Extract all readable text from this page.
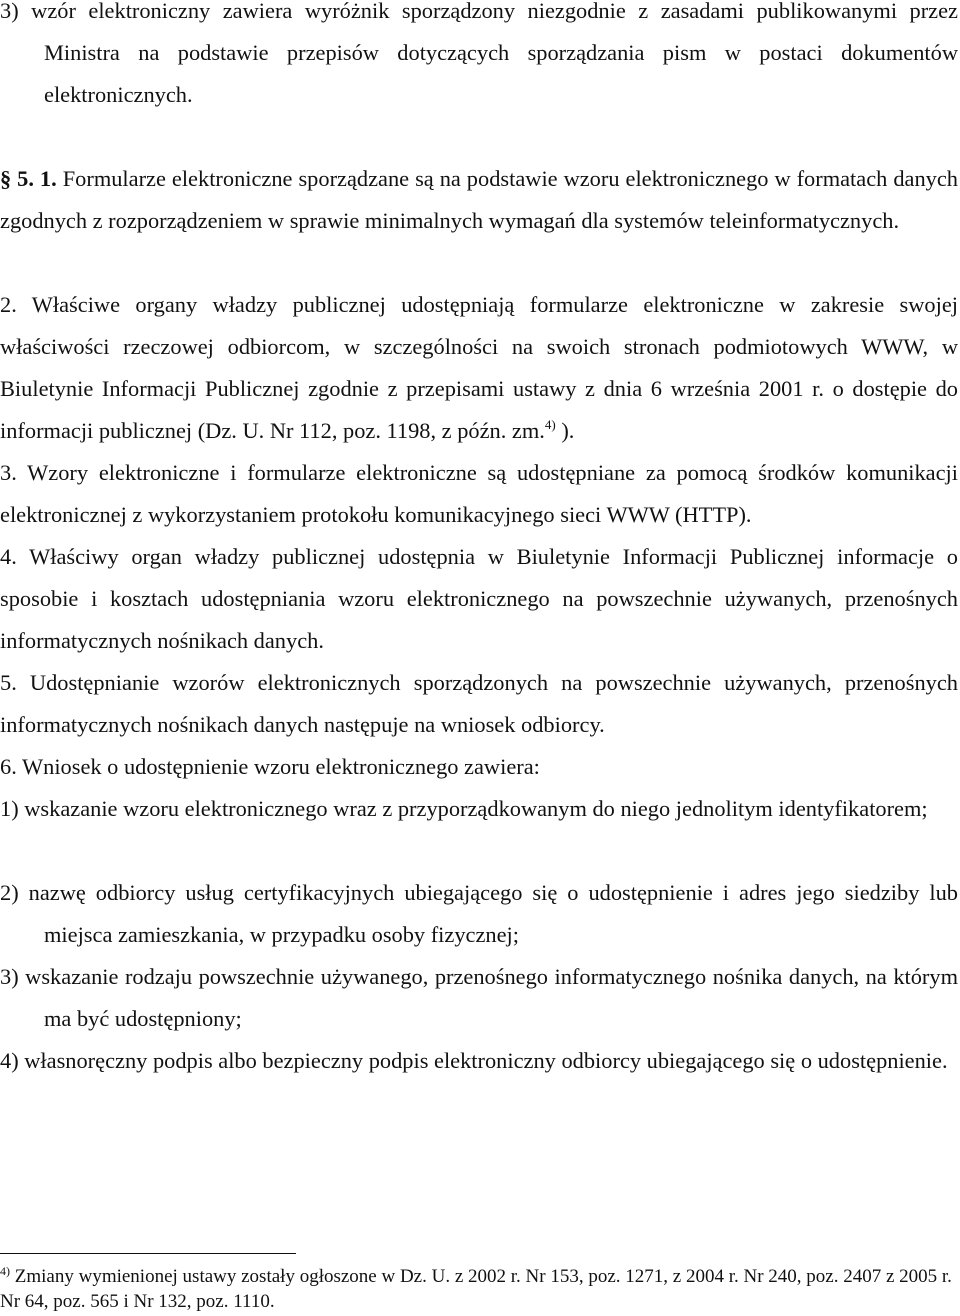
3) wzór elektroniczny zawiera wyróżnik sporządzony niezgodnie z zasadami publikowanymi przez Ministra na podstawie przepisów dotyczących sporządzania pism w postaci dokumentów elektronicznych.

§ 5. 1. Formularze elektroniczne sporządzane są na podstawie wzoru elektronicznego w formatach danych zgodnych z rozporządzeniem w sprawie minimalnych wymagań dla systemów teleinformatycznych.

2. Właściwe organy władzy publicznej udostępniają formularze elektroniczne w zakresie swojej właściwości rzeczowej odbiorcom, w szczególności na swoich stronach podmiotowych WWW, w Biuletynie Informacji Publicznej zgodnie z przepisami ustawy z dnia 6 września 2001 r. o dostępie do informacji publicznej (Dz. U. Nr 112, poz. 1198, z późn. zm.$^{4)}$ ).

3. Wzory elektroniczne i formularze elektroniczne są udostępniane za pomocą środków komunikacji elektronicznej z wykorzystaniem protokołu komunikacyjnego sieci WWW (HTTP).

4. Właściwy organ władzy publicznej udostępnia w Biuletynie Informacji Publicznej informacje o sposobie i kosztach udostępniania wzoru elektronicznego na powszechnie używanych, przenośnych informatycznych nośnikach danych.

5. Udostępnianie wzorów elektronicznych sporządzonych na powszechnie używanych, przenośnych informatycznych nośnikach danych następuje na wniosek odbiorcy.

6. Wniosek o udostępnienie wzoru elektronicznego zawiera:

1) wskazanie wzoru elektronicznego wraz z przyporządkowanym do niego jednolitym identyfikatorem;

2) nazwę odbiorcy usług certyfikacyjnych ubiegającego się o udostępnienie i adres jego siedziby lub miejsca zamieszkania, w przypadku osoby fizycznej;

3) wskazanie rodzaju powszechnie używanego, przenośnego informatycznego nośnika danych, na którym ma być udostępniony;

4) własnoręczny podpis albo bezpieczny podpis elektroniczny odbiorcy ubiegającego się o udostępnienie.

$^{4)}$ Zmiany wymienionej ustawy zostały ogłoszone w Dz. U. z 2002 r. Nr 153, poz. 1271, z 2004 r. Nr 240, poz. 2407 z 2005 r. Nr 64, poz. 565 i Nr 132, poz. 1110.
